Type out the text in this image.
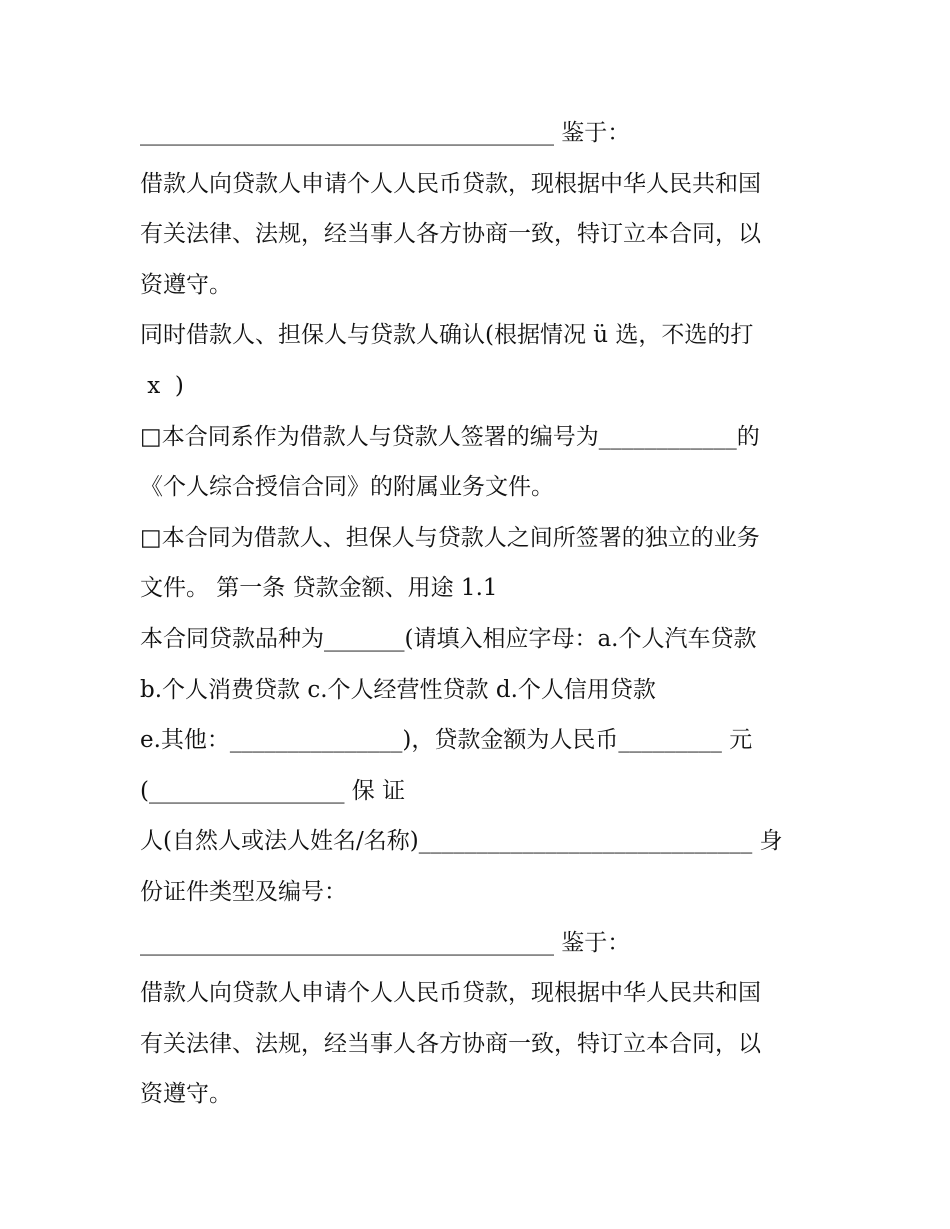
____________________________________ 鉴于：
借款人向贷款人申请个人人民币贷款，现根据中华人民共和国
有关法律、法规，经当事人各方协商一致，特订立本合同，以
资遵守。
同时借款人、担保人与贷款人确认(根据情况 ü 选，不选的打
x  )
□本合同系作为借款人与贷款人签署的编号为____________的
《个人综合授信合同》的附属业务文件。
□本合同为借款人、担保人与贷款人之间所签署的独立的业务
文件。 第一条 贷款金额、用途 1.1
本合同贷款品种为_______(请填入相应字母：a.个人汽车贷款
b.个人消费贷款 c.个人经营性贷款 d.个人信用贷款
e.其他：_______________)，贷款金额为人民币_________ 元
(_________________ 保 证
人(自然人或法人姓名/名称)_____________________________ 身
份证件类型及编号：
____________________________________ 鉴于：
借款人向贷款人申请个人人民币贷款，现根据中华人民共和国
有关法律、法规，经当事人各方协商一致，特订立本合同，以
资遵守。
